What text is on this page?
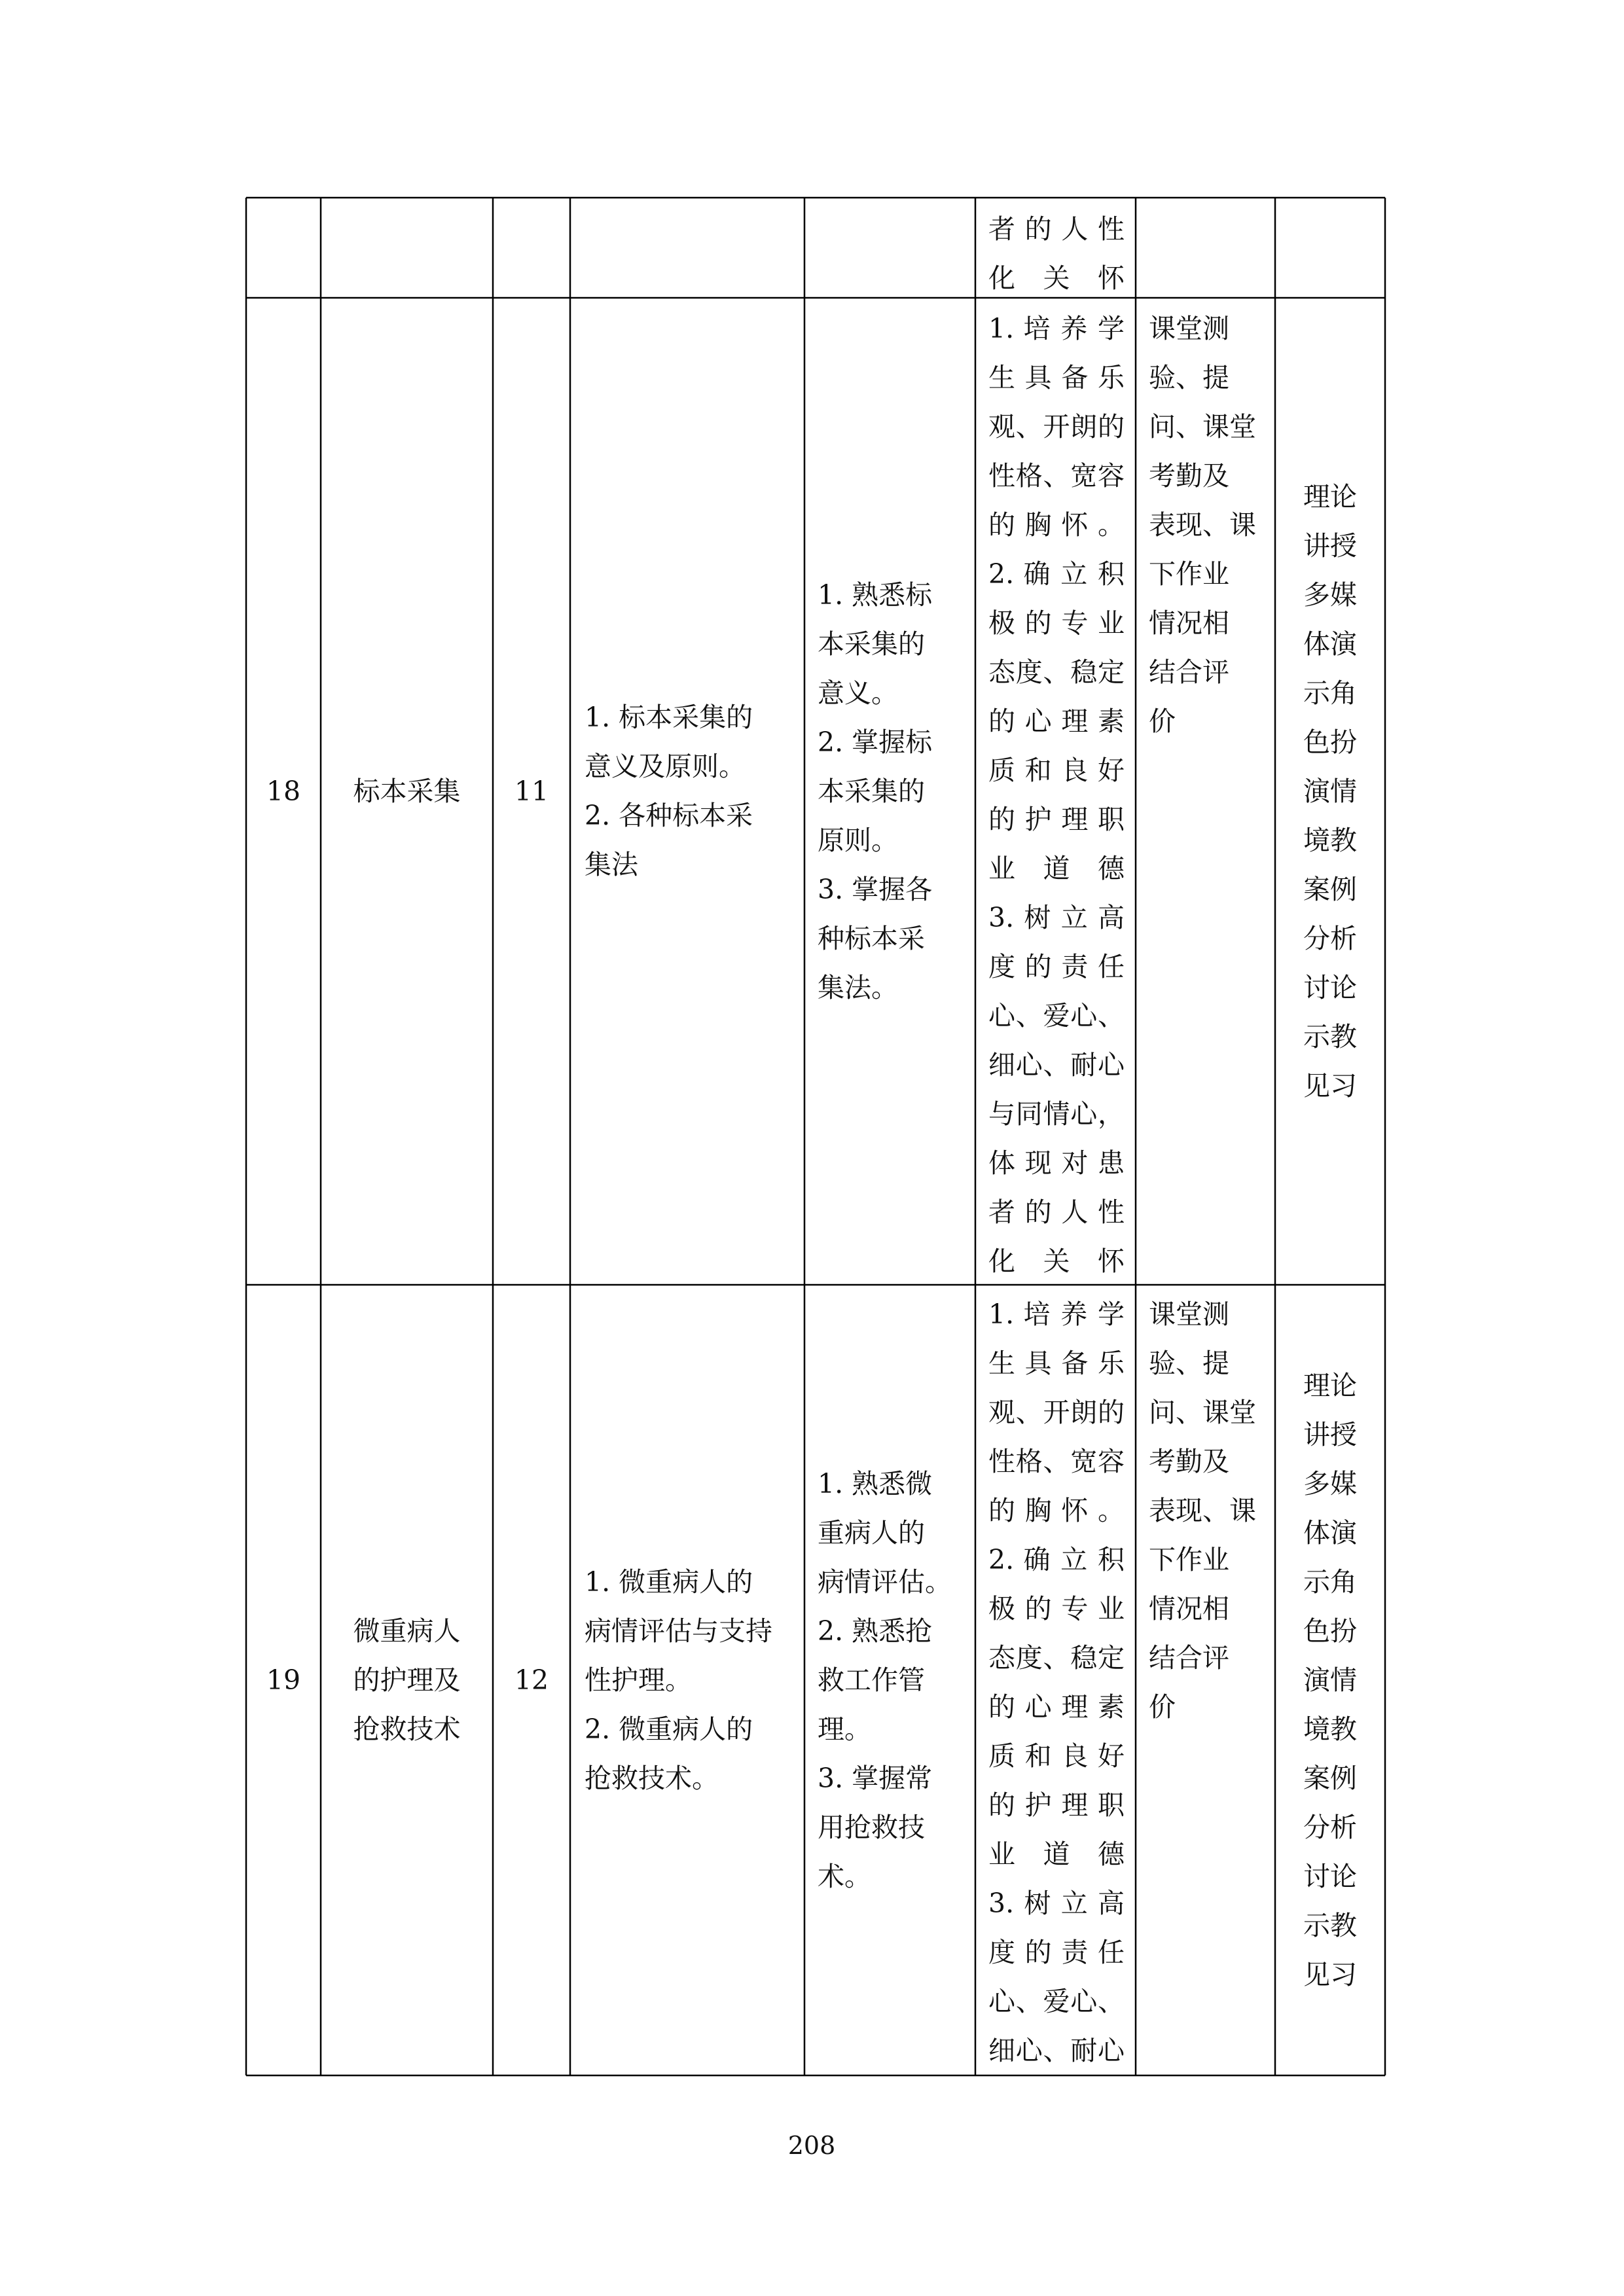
者的人性
化关怀
18 标本采集 11
1. 标本采集的
意义及原则。
2. 各种标本采
集法
1. 熟悉标
本采集的
意义。
2. 掌握标
本采集的
原则。
3. 掌握各
种标本采
集法。
1. 培 养 学
生 具 备 乐
观、开朗的
性格、宽容
的胸怀。
2. 确 立 积
极 的 专 业
态度、稳定
的 心 理 素
质 和 良 好
的 护 理 职
业道德
3.树立高
度的责任
心、爱心、
细心、耐心
与同情心，
体现对患
者的人性
化关怀
课堂测
验、提
问、课堂
考勤及
表现、课
下作业
情况相
结合评
价
理论
讲授
多媒
体演
示角
色扮
演情
境教
案例
分析
讨论
示教
见习
19
微重病人
的护理及
抢救技术
12
1. 微重病人的
病情评估与支持
性护理。
2. 微重病人的
抢救技术。
1. 熟悉微
重病人的
病情评估。
2. 熟悉抢
救工作管
理。
3. 掌握常
用抢救技
术。
1. 培 养 学
生 具 备 乐
观、开朗的
性格、宽容
的胸怀。
2. 确 立 积
极 的 专 业
态度、稳定
的 心 理 素
质 和 良 好
的 护 理 职
业道德
3.树立高
度的责任
心、爱心、
细心、耐心
课堂测
验、提
问、课堂
考勤及
表现、课
下作业
情况相
结合评
价
理论
讲授
多媒
体演
示角
色扮
演情
境教
案例
分析
讨论
示教
见习
208
